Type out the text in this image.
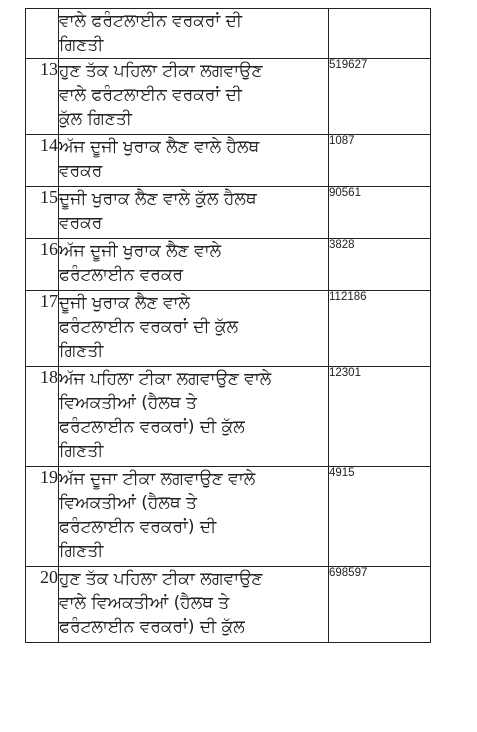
	ਵਾਲੇ ਫਰੰਟਲਾਈਨ ਵਰਕਰਾਂ ਦੀ
ਗਿਣਤੀ	
13	ਹੁਣ ਤੱਕ ਪਹਿਲਾ ਟੀਕਾ ਲਗਵਾਉਣ
ਵਾਲੇ ਫਰੰਟਲਾਈਨ ਵਰਕਰਾਂ ਦੀ
ਕੁੱਲ ਗਿਣਤੀ	519627
14	ਅੱਜ ਦੂਜੀ ਖੁਰਾਕ ਲੈਣ ਵਾਲੇ ਹੈਲਥ
ਵਰਕਰ	1087
15	ਦੂਜੀ ਖੁਰਾਕ ਲੈਣ ਵਾਲੇ ਕੁੱਲ ਹੈਲਥ
ਵਰਕਰ	90561
16	ਅੱਜ ਦੂਜੀ ਖੁਰਾਕ ਲੈਣ ਵਾਲੇ
ਫਰੰਟਲਾਈਨ ਵਰਕਰ	3828
17	ਦੂਜੀ ਖੁਰਾਕ ਲੈਣ ਵਾਲੇ
ਫਰੰਟਲਾਈਨ ਵਰਕਰਾਂ ਦੀ ਕੁੱਲ
ਗਿਣਤੀ	112186
18	ਅੱਜ ਪਹਿਲਾ ਟੀਕਾ ਲਗਵਾਉਣ ਵਾਲੇ
ਵਿਅਕਤੀਆਂ (ਹੈਲਥ ਤੇ
ਫਰੰਟਲਾਈਨ ਵਰਕਰਾਂ) ਦੀ ਕੁੱਲ
ਗਿਣਤੀ	12301
19	ਅੱਜ ਦੂਜਾ ਟੀਕਾ ਲਗਵਾਉਣ ਵਾਲੇ
ਵਿਅਕਤੀਆਂ (ਹੈਲਥ ਤੇ
ਫਰੰਟਲਾਈਨ ਵਰਕਰਾਂ) ਦੀ
ਗਿਣਤੀ	4915
20	ਹੁਣ ਤੱਕ ਪਹਿਲਾ ਟੀਕਾ ਲਗਵਾਉਣ
ਵਾਲੇ ਵਿਅਕਤੀਆਂ (ਹੈਲਥ ਤੇ
ਫਰੰਟਲਾਈਨ ਵਰਕਰਾਂ) ਦੀ ਕੁੱਲ	698597
